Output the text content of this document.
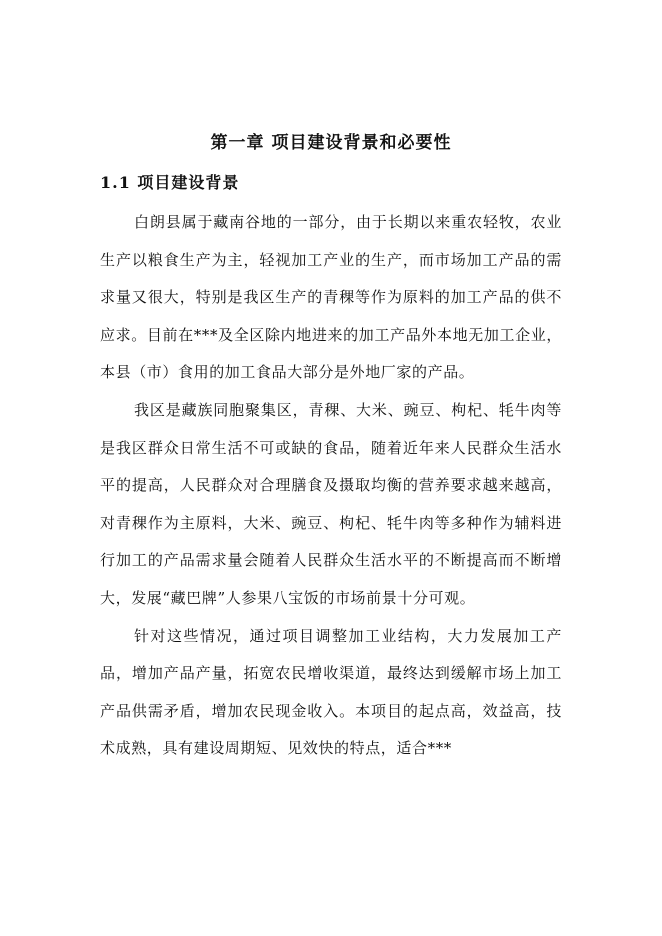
第一章 项目建设背景和必要性
1.1 项目建设背景

白朗县属于藏南谷地的一部分，由于长期以来重农轻牧，农业生产以粮食生产为主，轻视加工产业的生产，而市场加工产品的需求量又很大，特别是我区生产的青稞等作为原料的加工产品的供不应求。目前在***及全区除内地进来的加工产品外本地无加工企业，本县（市）食用的加工食品大部分是外地厂家的产品。

我区是藏族同胞聚集区，青稞、大米、豌豆、枸杞、牦牛肉等是我区群众日常生活不可或缺的食品，随着近年来人民群众生活水平的提高，人民群众对合理膳食及摄取均衡的营养要求越来越高，对青稞作为主原料，大米、豌豆、枸杞、牦牛肉等多种作为辅料进行加工的产品需求量会随着人民群众生活水平的不断提高而不断增大，发展“藏巴牌”人参果八宝饭的市场前景十分可观。

针对这些情况，通过项目调整加工业结构，大力发展加工产品，增加产品产量，拓宽农民增收渠道，最终达到缓解市场上加工产品供需矛盾，增加农民现金收入。本项目的起点高，效益高，技术成熟，具有建设周期短、见效快的特点，适合***
